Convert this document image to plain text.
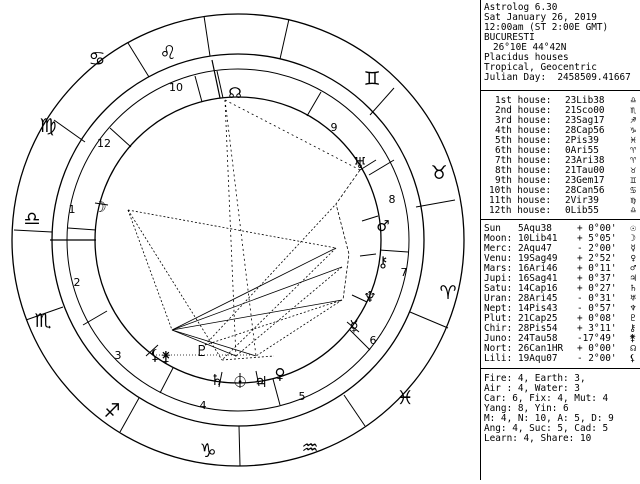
♌
♊
♉
♈
♓
♒
♑
♐
♏
♎
♍
♋
10
9
8
7
6
5
4
3
2
1
12
☊
♅
♂
⚷
♆
☿
⚸ ⚵ ♇
♄ ☉ ♃ ♀
☽
Astrolog 6.30
Sat January 26, 2019
12:00am (ST 2:00E GMT)
BUCURESTI
26°10E 44°42N
Placidus houses
Tropical, Geocentric
Julian Day:  2458509.41667
1st house: 23Lib38	♎
2nd house: 21Sco00	♏
3rd house: 23Sag17	♐
4th house: 28Cap56	♑
5th house: 2Pis39	♓
6th house: 0Ari55	♈
7th house: 23Ari38	♈
8th house: 21Tau00	♉
9th house: 23Gem17	♊
10th house: 28Can56	♋
11th house: 2Vir39	♍
12th house: 0Lib55	♎
Sun 5Aqu38	+ 0°00' ☉
Moon: 10Lib41 + 5°05' ☽
Merc: 2Aqu47	- 2°00' ☿
Venu: 19Sag49 + 2°52' ♀
Mars: 16Ari46 + 0°11' ♂
Jupi: 16Sag41 + 0°37' ♃
Satu: 14Cap16 + 0°27' ♄
Uran: 28Ari45 - 0°31' ♅
Nept: 14Pis43 - 0°57' ♆
Plut: 21Cap25 + 0°08' ♇
Chir: 28Pis54 + 3°11' ⚷
Juno: 24Tau58 -17°49' ⚵
Nort: 26Can1HR + 0°00' ☊
Lili: 19Aqu07 - 2°00' ⚸
Fire: 4, Earth: 3,
Air : 4, Water: 3
Car: 6, Fix: 4, Mut: 4
Yang: 8, Yin: 6
M: 4, N: 10, A: 5, D: 9
Ang: 4, Suc: 5, Cad: 5
Learn: 4, Share: 10
